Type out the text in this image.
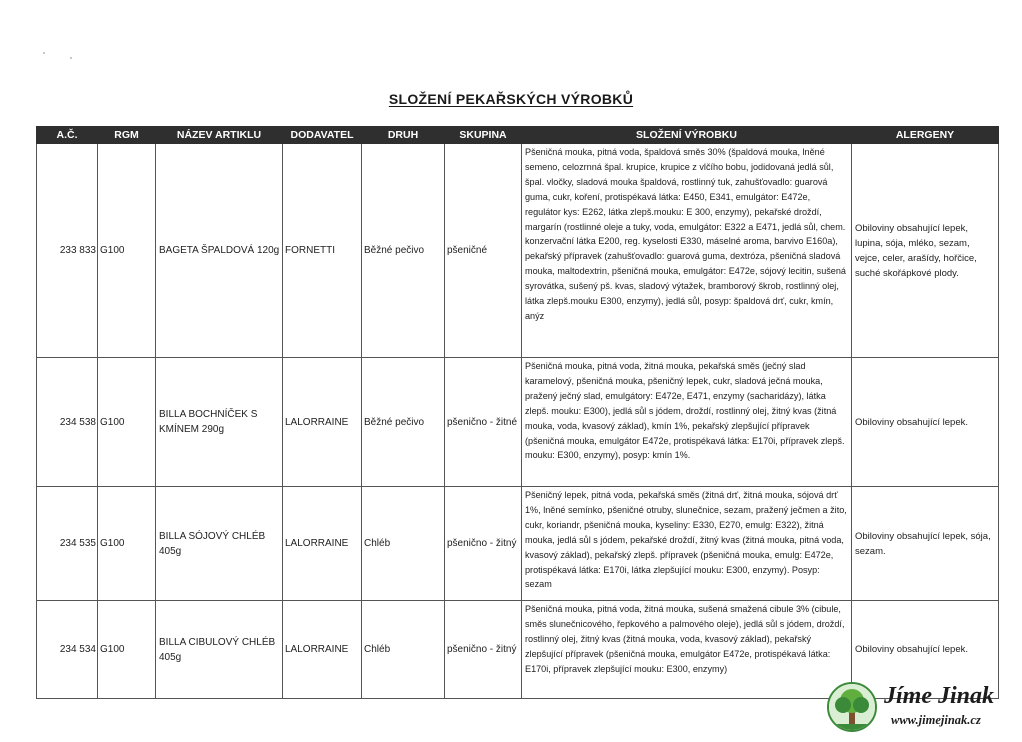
SLOŽENÍ PEKAŘSKÝCH VÝROBKŮ
A.Č.	RGM	NÁZEV ARTIKLU	DODAVATEL	DRUH	SKUPINA	SLOŽENÍ VÝROBKU	ALERGENY
233 833	G100	BAGETA ŠPALDOVÁ 120g	FORNETTI	Běžné pečivo	pšeničné	Pšeničná mouka, pitná voda, špaldová směs 30% (špaldová mouka, lněné semeno, celozrnná špal. krupice, krupice z vlčího bobu, jodidovaná jedlá sůl, špal. vločky, sladová mouka špaldová, rostlinný tuk, zahušťovadlo: guarová guma, cukr, koření, protispékavá látka: E450, E341, emulgátor: E472e, regulátor kys: E262, látka zlepš.mouku: E 300, enzymy), pekařské droždí, margarín (rostlinné oleje a tuky, voda, emulgátor: E322 a E471, jedlá sůl, chem. konzervační látka E200, reg. kyselosti E330, máselné aroma, barvivo E160a), pekařský přípravek (zahušťovadlo: guarová guma, dextróza, pšeničná sladová mouka, maltodextrin, pšeničná mouka, emulgátor: E472e, sójový lecitin, sušená syrovátka, sušený pš. kvas, sladový výtažek, bramborový škrob, rostlinný olej, látka zlepš.mouku E300, enzymy), jedlá sůl, posyp: špaldová drť, cukr, kmín, anýz	Obiloviny obsahující lepek, lupina, sója, mléko, sezam, vejce, celer, arašídy, hořčice, suché skořápkové plody.
234 538	G100	BILLA BOCHNÍČEK S KMÍNEM 290g	LALORRAINE	Běžné pečivo	pšenično - žitné	Pšeničná mouka, pitná voda, žitná mouka, pekařská směs (ječný slad karamelový, pšeničná mouka, pšeničný lepek, cukr, sladová ječná mouka, pražený ječný slad, emulgátory: E472e, E471, enzymy (sacharidázy), látka zlepš. mouku: E300), jedlá sůl s jódem, droždí, rostlinný olej, žitný kvas (žitná mouka, voda, kvasový základ), kmín 1%, pekařský zlepšující přípravek (pšeničná mouka, emulgátor E472e, protispékavá látka: E170i, přípravek zlepš. mouku: E300, enzymy), posyp: kmín 1%.	Obiloviny obsahující lepek.
234 535	G100	BILLA SÓJOVÝ CHLÉB 405g	LALORRAINE	Chléb	pšenično - žitný	Pšeničný lepek, pitná voda, pekařská směs (žitná drť, žitná mouka, sójová drť 1%, lněné semínko, pšeničné otruby, slunečnice, sezam, pražený ječmen a žito, cukr, koriandr, pšeničná mouka, kyseliny: E330, E270, emulg: E322), žitná mouka, jedlá sůl s jódem, pekařské droždí, žitný kvas (žitná mouka, pitná voda, kvasový základ), pekařský zlepš. přípravek (pšeničná mouka, emulg: E472e, protispékavá látka: E170i, látka zlepšující mouku: E300, enzymy). Posyp: sezam	Obiloviny obsahující lepek, sója, sezam.
234 534	G100	BILLA CIBULOVÝ CHLÉB 405g	LALORRAINE	Chléb	pšenično - žitný	Pšeničná mouka, pitná voda, žitná mouka, sušená smažená cibule 3% (cibule, směs slunečnicového, řepkového a palmového oleje), jedlá sůl s jódem, droždí, rostlinný olej, žitný kvas (žitná mouka, voda, kvasový základ), pekařský zlepšující přípravek (pšeničná mouka, emulgátor E472e, protispékavá látka: E170i, přípravek zlepšující mouku: E300, enzymy)	Obiloviny obsahující lepek.
Jíme Jinak
www.jimejinak.cz
